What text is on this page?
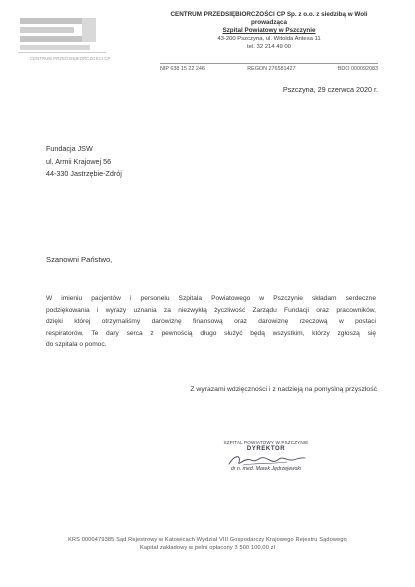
CENTRUM PRZEDSIĘBIORCZOŚCI CP
CENTRUM PRZEDSIĘBIORCZOŚCI CP Sp. z o.o. z siedzibą w Woli
prowadząca
Szpital Powiatowy w Pszczynie
43-200 Pszczyna, ul. Witolda Antesa 11
tel. 32 214 49 00
NIP 638 15 22 246	REGON 276581427	BDO 000092083
Pszczyna, 29 czerwca 2020 r.
Fundacja JSW
ul. Armii Krajowej 56
44-330 Jastrzębie-Zdrój
Szanowni Państwo,
W imieniu pacjentów i personelu Szpitala Powiatowego w Pszczynie składam serdeczne
podziękowania i wyrazy uznania za niezwykłą życzliwość Zarządu Fundacji oraz pracowników,
dzięki której otrzymaliśmy darowiznę finansową oraz darowiznę rzeczową w postaci
respiratorów. Te dary serca z pewnością długo służyć będą wszystkim, którzy zgłoszą się
do szpitala o pomoc.
Z wyrazami wdzięczności i z nadzieją na pomyślną przyszłość
SZPITAL POWIATOWY W PSZCZYNIE
DYREKTOR
dr n. med. Marek Jędrzejewski
KRS 0000479385 Sąd Rejestrowy w Katowicach Wydział VIII Gospodarczy Krajowego Rejestru Sądowego
Kapitał zakładowy w pełni opłacony 3 500 100,00 zł
